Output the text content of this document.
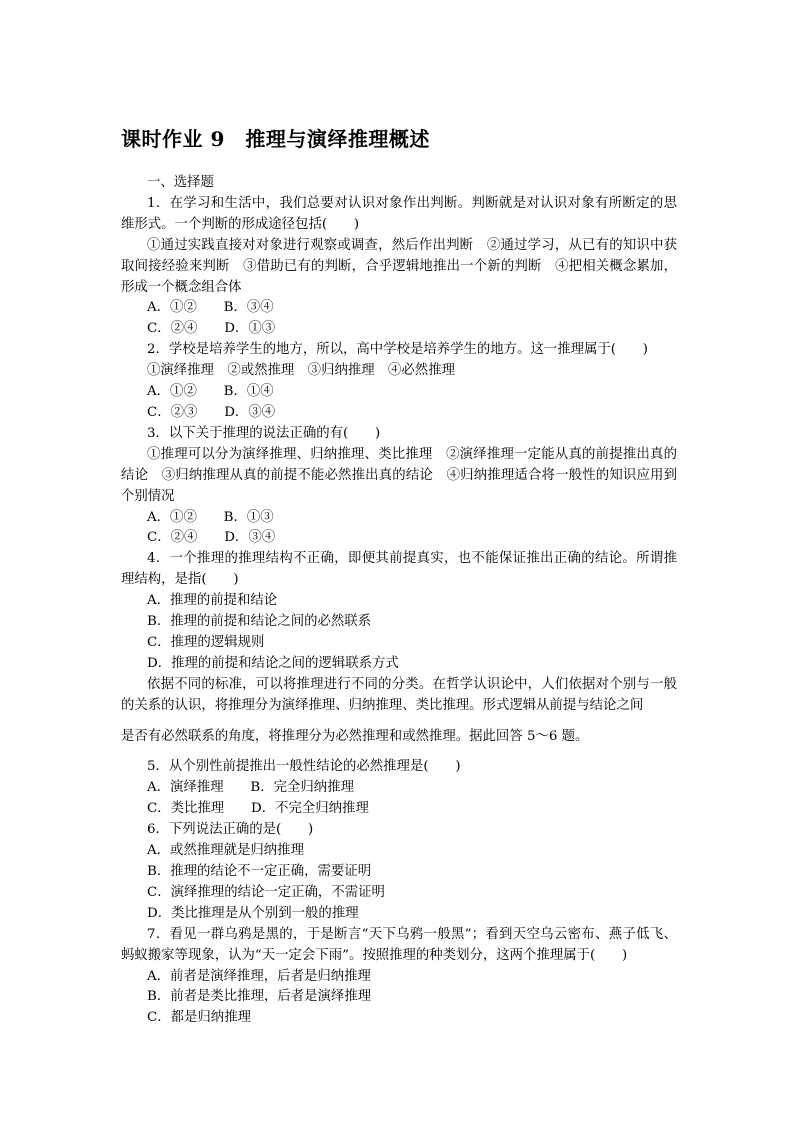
课时作业 9　推理与演绎推理概述

一、选择题

1．在学习和生活中，我们总要对认识对象作出判断。判断就是对认识对象有所断定的思维形式。一个判断的形成途径包括(　　)

①通过实践直接对对象进行观察或调查，然后作出判断　②通过学习，从已有的知识中获取间接经验来判断　③借助已有的判断，合乎逻辑地推出一个新的判断　④把相关概念累加，形成一个概念组合体

A．①②　　B．③④

C．②④　　D．①③

2．学校是培养学生的地方，所以，高中学校是培养学生的地方。这一推理属于(　　)

①演绎推理　②或然推理　③归纳推理　④必然推理

A．①②　　B．①④

C．②③　　D．③④

3．以下关于推理的说法正确的有(　　)

①推理可以分为演绎推理、归纳推理、类比推理　②演绎推理一定能从真的前提推出真的结论　③归纳推理从真的前提不能必然推出真的结论　④归纳推理适合将一般性的知识应用到个别情况

A．①②　　B．①③

C．②④　　D．③④

4．一个推理的推理结构不正确，即便其前提真实，也不能保证推出正确的结论。所谓推理结构，是指(　　)

A．推理的前提和结论

B．推理的前提和结论之间的必然联系

C．推理的逻辑规则

D．推理的前提和结论之间的逻辑联系方式

依据不同的标准，可以将推理进行不同的分类。在哲学认识论中，人们依据对个别与一般的关系的认识，将推理分为演绎推理、归纳推理、类比推理。形式逻辑从前提与结论之间

是否有必然联系的角度，将推理分为必然推理和或然推理。据此回答 5～6 题。

5．从个别性前提推出一般性结论的必然推理是(　　)

A．演绎推理　　B．完全归纳推理

C．类比推理　　D．不完全归纳推理

6．下列说法正确的是(　　)

A．或然推理就是归纳推理

B．推理的结论不一定正确，需要证明

C．演绎推理的结论一定正确，不需证明

D．类比推理是从个别到一般的推理

7．看见一群乌鸦是黑的，于是断言“天下乌鸦一般黑”；看到天空乌云密布、燕子低飞、蚂蚁搬家等现象，认为“天一定会下雨”。按照推理的种类划分，这两个推理属于(　　)

A．前者是演绎推理，后者是归纳推理

B．前者是类比推理，后者是演绎推理

C．都是归纳推理
